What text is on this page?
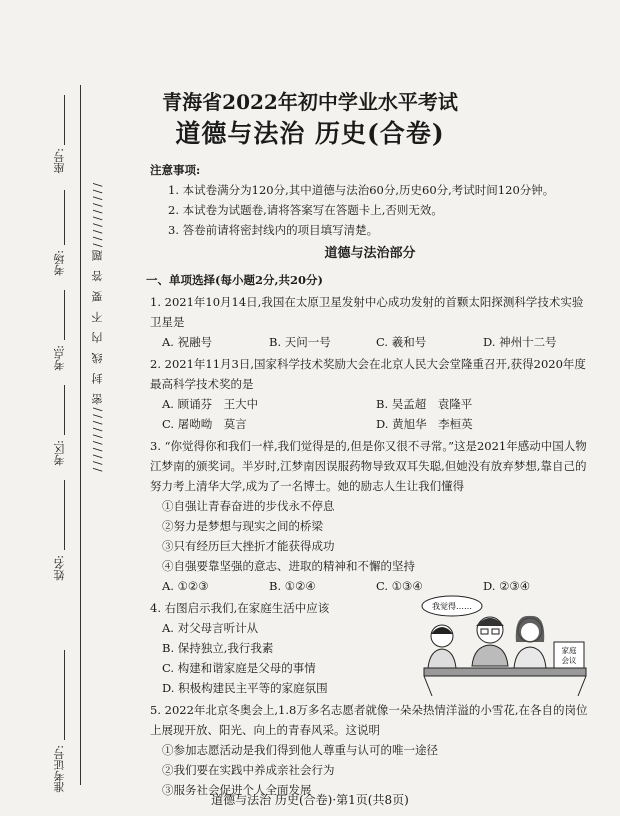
座号:
考场:
考点:
考区:
姓名:
准考证号:
//////////密 封 线 内 不 要 答 题//////////
青海省2022年初中学业水平考试
道德与法治 历史(合卷)
注意事项:
1. 本试卷满分为120分,其中道德与法治60分,历史60分,考试时间120分钟。
2. 本试卷为试题卷,请将答案写在答题卡上,否则无效。
3. 答卷前请将密封线内的项目填写清楚。
道德与法治部分
一、单项选择(每小题2分,共20分)
1. 2021年10月14日,我国在太原卫星发射中心成功发射的首颗太阳探测科学技术实验卫星是
A. 祝融号	B. 天问一号	C. 羲和号	D. 神州十二号
2. 2021年11月3日,国家科学技术奖励大会在北京人民大会堂隆重召开,获得2020年度最高科学技术奖的是
A. 顾诵芬　王大中	B. 吴孟超　袁隆平
C. 屠呦呦　莫言	D. 黄旭华　李桓英
3. “你觉得你和我们一样,我们觉得是的,但是你又很不寻常。”这是2021年感动中国人物江梦南的颁奖词。半岁时,江梦南因误服药物导致双耳失聪,但她没有放弃梦想,靠自己的努力考上清华大学,成为了一名博士。她的励志人生让我们懂得
①自强让青春奋进的步伐永不停息
②努力是梦想与现实之间的桥梁
③只有经历巨大挫折才能获得成功
④自强要靠坚强的意志、进取的精神和不懈的坚持
A. ①②③	B. ①②④	C. ①③④	D. ②③④
4. 右图启示我们,在家庭生活中应该
A. 对父母言听计从
B. 保持独立,我行我素
C. 构建和谐家庭是父母的事情
D. 积极构建民主平等的家庭氛围
我觉得……
家庭
会议
5. 2022年北京冬奥会上,1.8万多名志愿者就像一朵朵热情洋溢的小雪花,在各自的岗位上展现开放、阳光、向上的青春风采。这说明
①参加志愿活动是我们得到他人尊重与认可的唯一途径
②我们要在实践中养成亲社会行为
③服务社会促进个人全面发展
道德与法治 历史(合卷)·第1页(共8页)
